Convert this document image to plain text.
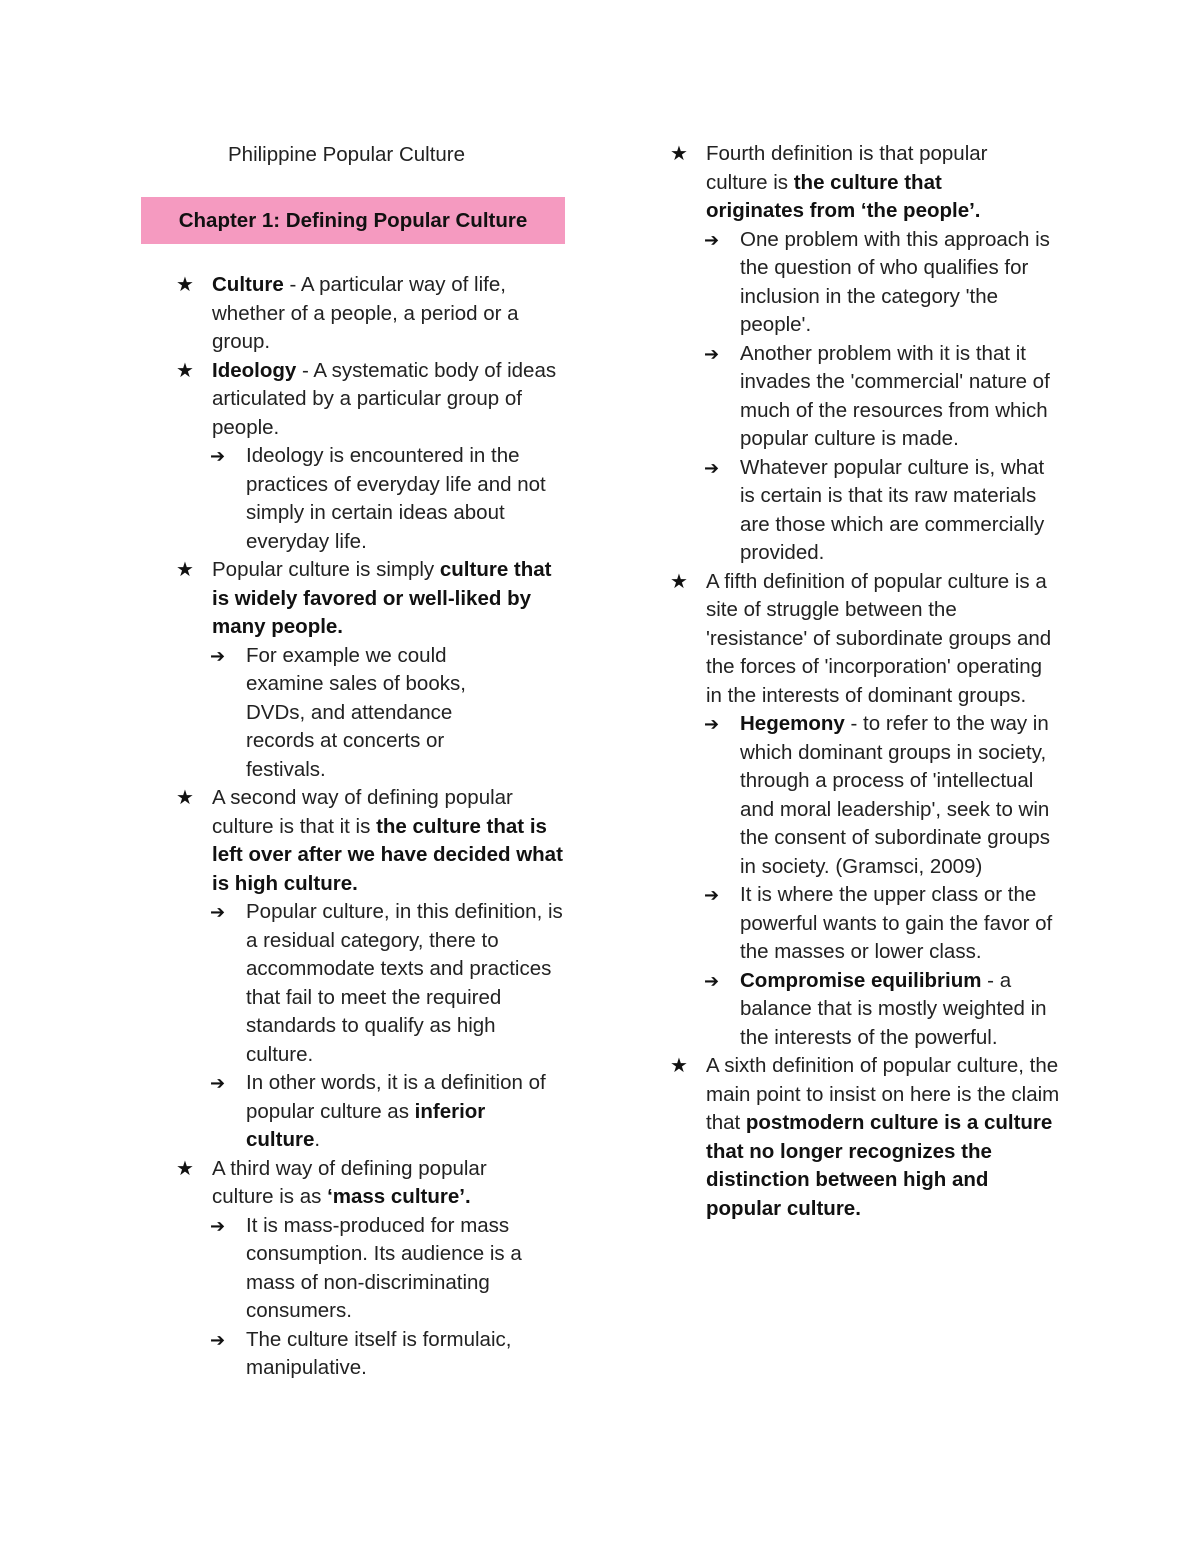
Philippine Popular Culture
Chapter 1: Defining Popular Culture
★ Culture - A particular way of life, whether of a people, a period or a group.
★ Ideology - A systematic body of ideas articulated by a particular group of people.
➔ Ideology is encountered in the practices of everyday life and not simply in certain ideas about everyday life.
★ Popular culture is simply culture that is widely favored or well-liked by many people.
➔ For example we could examine sales of books, DVDs, and attendance records at concerts or festivals.
★ A second way of defining popular culture is that it is the culture that is left over after we have decided what is high culture.
➔ Popular culture, in this definition, is a residual category, there to accommodate texts and practices that fail to meet the required standards to qualify as high culture.
➔ In other words, it is a definition of popular culture as inferior culture.
★ A third way of defining popular culture is as ‘mass culture’.
➔ It is mass-produced for mass consumption. Its audience is a mass of non-discriminating consumers.
➔ The culture itself is formulaic, manipulative.
★ Fourth definition is that popular culture is the culture that originates from ‘the people’.
➔ One problem with this approach is the question of who qualifies for inclusion in the category 'the people'.
➔ Another problem with it is that it invades the 'commercial' nature of much of the resources from which popular culture is made.
➔ Whatever popular culture is, what is certain is that its raw materials are those which are commercially provided.
★ A fifth definition of popular culture is a site of struggle between the 'resistance' of subordinate groups and the forces of 'incorporation' operating in the interests of dominant groups.
➔ Hegemony - to refer to the way in which dominant groups in society, through a process of 'intellectual and moral leadership', seek to win the consent of subordinate groups in society. (Gramsci, 2009)
➔ It is where the upper class or the powerful wants to gain the favor of the masses or lower class.
➔ Compromise equilibrium - a balance that is mostly weighted in the interests of the powerful.
★ A sixth definition of popular culture, the main point to insist on here is the claim that postmodern culture is a culture that no longer recognizes the distinction between high and popular culture.
